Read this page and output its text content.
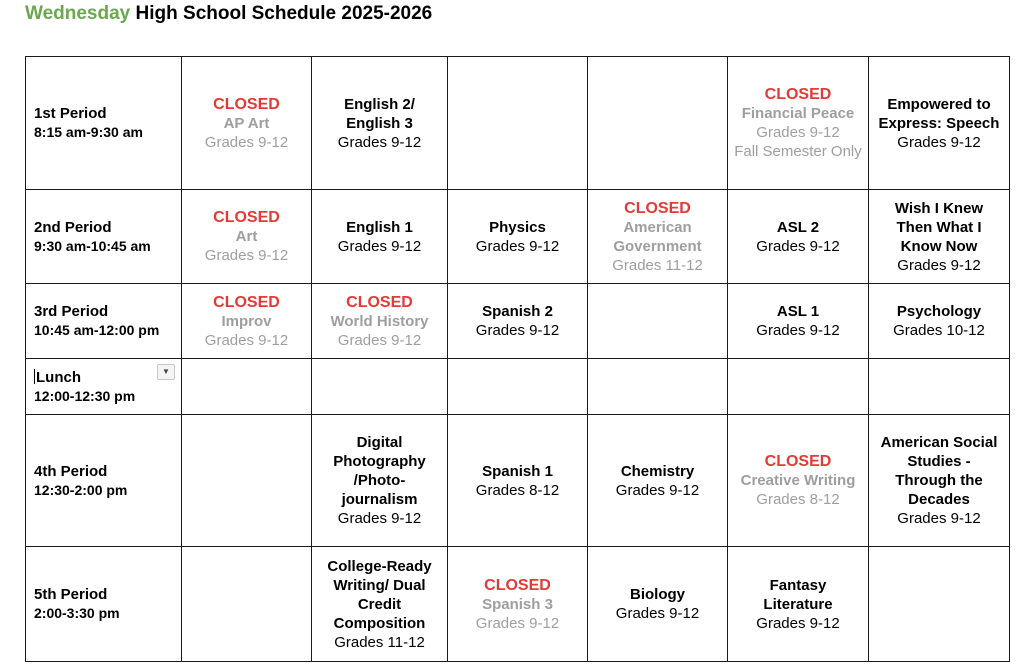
Wednesday High School Schedule 2025-2026
1st Period
8:15 am-9:30 am	CLOSED
AP Art
Grades 9-12	English 2/ English 3
Grades 9-12			CLOSED
Financial Peace
Grades 9-12
Fall Semester Only	Empowered to Express: Speech
Grades 9-12

2nd Period
9:30 am-10:45 am	CLOSED
Art
Grades 9-12	English 1
Grades 9-12	Physics
Grades 9-12	CLOSED
American Government
Grades 11-12	ASL 2
Grades 9-12	Wish I Knew Then What I Know Now
Grades 9-12

3rd Period
10:45 am-12:00 pm	CLOSED
Improv
Grades 9-12	CLOSED
World History
Grades 9-12	Spanish 2
Grades 9-12		ASL 1
Grades 9-12	Psychology
Grades 10-12

Lunch ▼
12:00-12:30 pm						

4th Period
12:30-2:00 pm		Digital Photography /Photo- journalism
Grades 9-12	Spanish 1
Grades 8-12	Chemistry
Grades 9-12	CLOSED
Creative Writing
Grades 8-12	American Social Studies - Through the Decades
Grades 9-12

5th Period
2:00-3:30 pm		College-Ready Writing/ Dual Credit Composition
Grades 11-12	CLOSED
Spanish 3
Grades 9-12	Biology
Grades 9-12	Fantasy Literature
Grades 9-12	
